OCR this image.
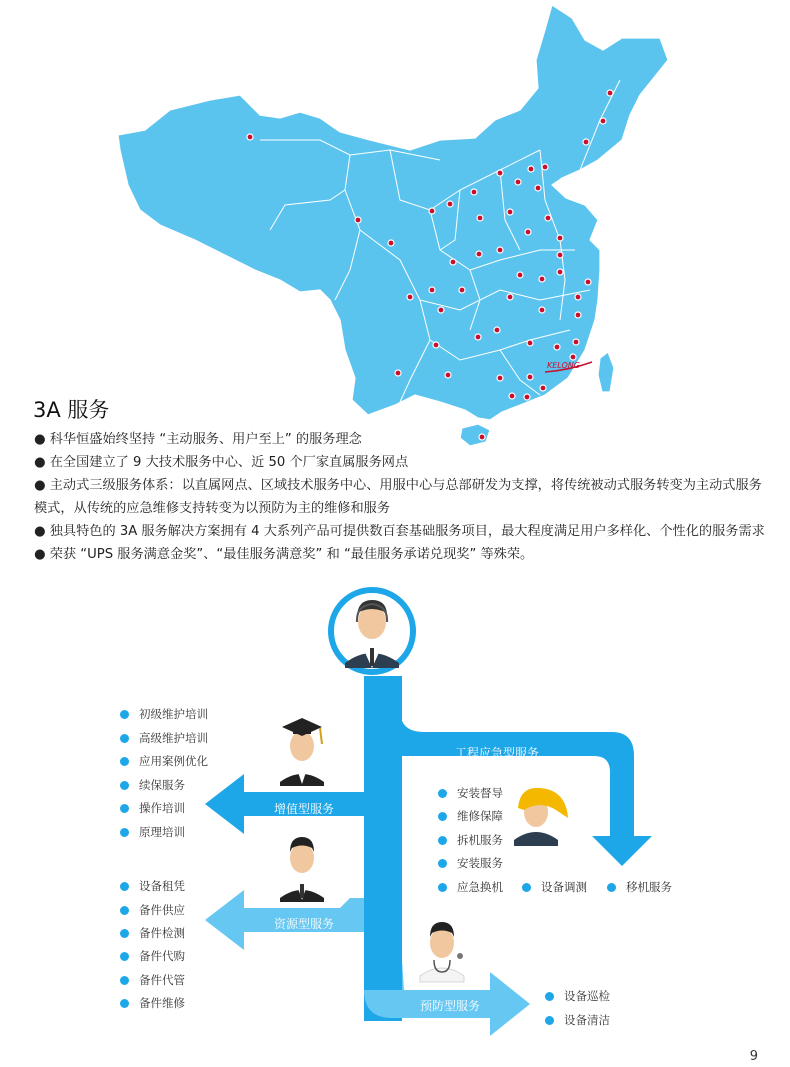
KELONG
3A 服务
● 科华恒盛始终坚持 “主动服务、用户至上” 的服务理念
● 在全国建立了 9 大技术服务中心、近 50 个厂家直属服务网点
● 主动式三级服务体系：以直属网点、区域技术服务中心、用服中心与总部研发为支撑，将传统被动式服务转变为主动式服务模式，从传统的应急维修支持转变为以预防为主的维修和服务
● 独具特色的 3A 服务解决方案拥有 4 大系列产品可提供数百套基础服务项目，最大程度满足用户多样化、个性化的服务需求
● 荣获 “UPS 服务满意金奖”、“最佳服务满意奖” 和 “最佳服务承诺兑现奖” 等殊荣。
增值型服务
资源型服务
工程应急型服务
预防型服务
初级维护培训
高级维护培训
应用案例优化
续保服务
操作培训
原理培训
设备租凭
备件供应
备件检测
备件代购
备件代管
备件维修
安装督导
维修保障
拆机服务
安装服务
应急换机	设备调测	移机服务
设备巡检
设备清洁
9
